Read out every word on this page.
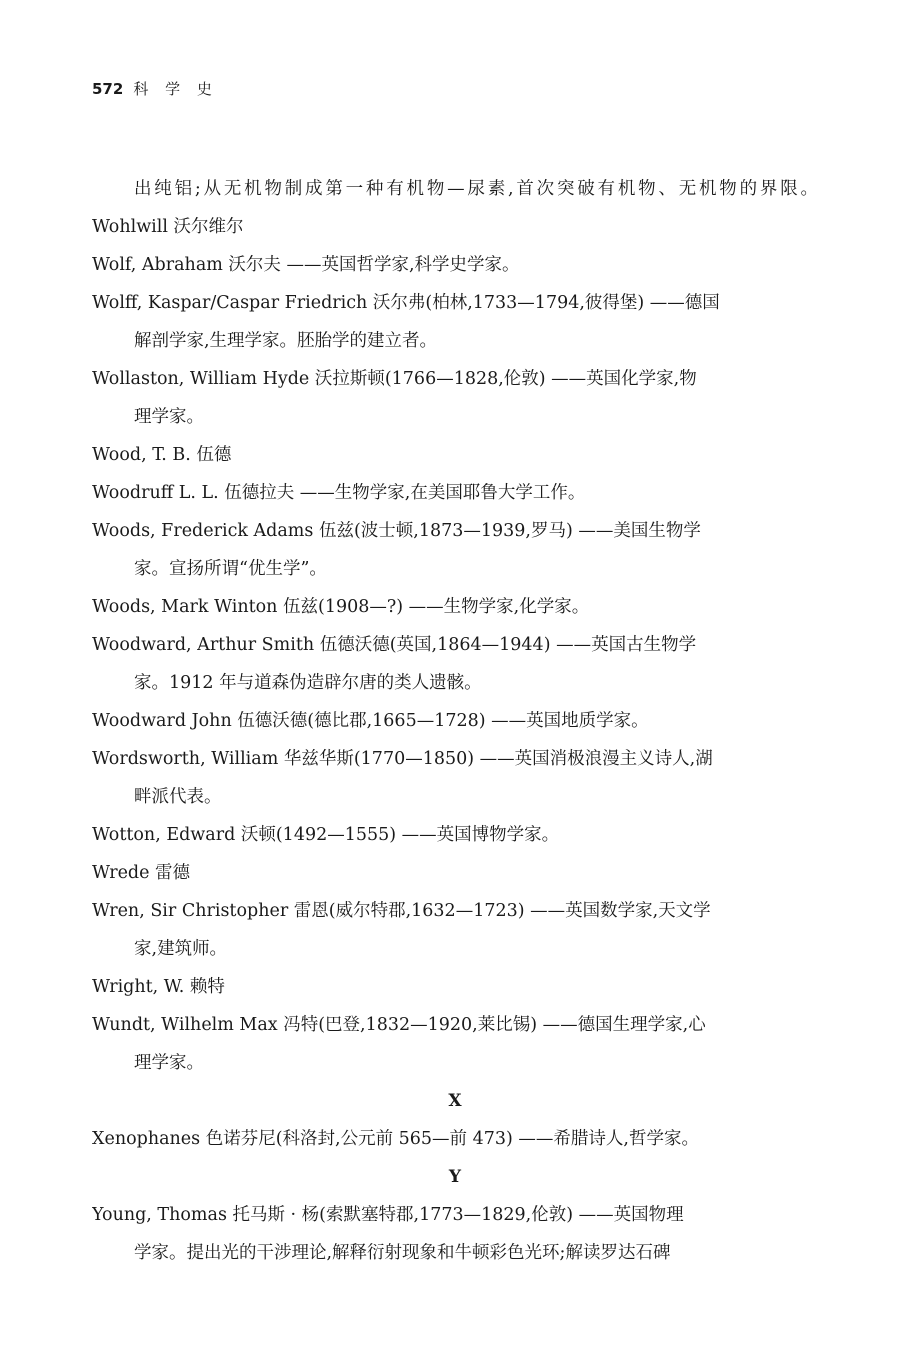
572 科 学 史
出纯铝;从无机物制成第一种有机物—尿素,首次突破有机物、无机物的界限。
Wohlwill 沃尔维尔
Wolf, Abraham 沃尔夫 ——英国哲学家,科学史学家。
Wolff, Kaspar/Caspar Friedrich 沃尔弗(柏林,1733—1794,彼得堡) ——德国
解剖学家,生理学家。胚胎学的建立者。
Wollaston, William Hyde 沃拉斯顿(1766—1828,伦敦) ——英国化学家,物
理学家。
Wood, T. B. 伍德
Woodruff L. L. 伍德拉夫 ——生物学家,在美国耶鲁大学工作。
Woods, Frederick Adams 伍兹(波士顿,1873—1939,罗马) ——美国生物学
家。宣扬所谓“优生学”。
Woods, Mark Winton 伍兹(1908—?) ——生物学家,化学家。
Woodward, Arthur Smith 伍德沃德(英国,1864—1944) ——英国古生物学
家。1912 年与道森伪造辟尔唐的类人遗骸。
Woodward John 伍德沃德(德比郡,1665—1728) ——英国地质学家。
Wordsworth, William 华兹华斯(1770—1850) ——英国消极浪漫主义诗人,湖
畔派代表。
Wotton, Edward 沃顿(1492—1555) ——英国博物学家。
Wrede 雷德
Wren, Sir Christopher 雷恩(威尔特郡,1632—1723) ——英国数学家,天文学
家,建筑师。
Wright, W. 赖特
Wundt, Wilhelm Max 冯特(巴登,1832—1920,莱比锡) ——德国生理学家,心
理学家。
X
Xenophanes 色诺芬尼(科洛封,公元前 565—前 473) ——希腊诗人,哲学家。
Y
Young, Thomas 托马斯 · 杨(索默塞特郡,1773—1829,伦敦) ——英国物理
学家。提出光的干涉理论,解释衍射现象和牛顿彩色光环;解读罗达石碑
